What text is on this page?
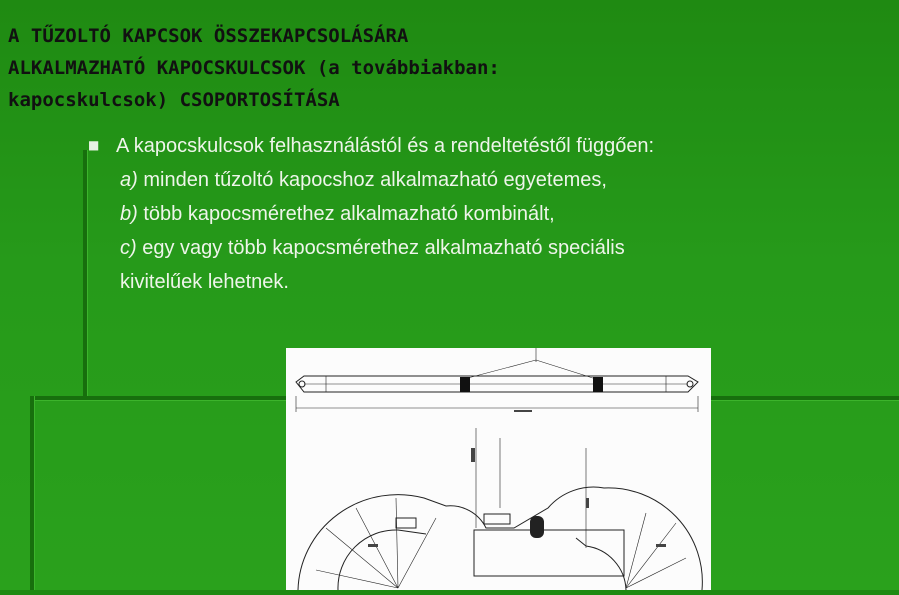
A TŰZOLTÓ KAPCSOK ÖSSZEKAPCSOLÁSÁRA
ALKALMAZHATÓ KAPOCSKULCSOK (a továbbiakban:
kapocskulcsok) CSOPORTOSÍTÁSA
■ A kapocskulcsok felhasználástól és a rendeltetéstől függően:
a) minden tűzoltó kapocshoz alkalmazható egyetemes,
b) több kapocsmérethez alkalmazható kombinált,
c) egy vagy több kapocsmérethez alkalmazható speciális
kivitelűek lehetnek.
